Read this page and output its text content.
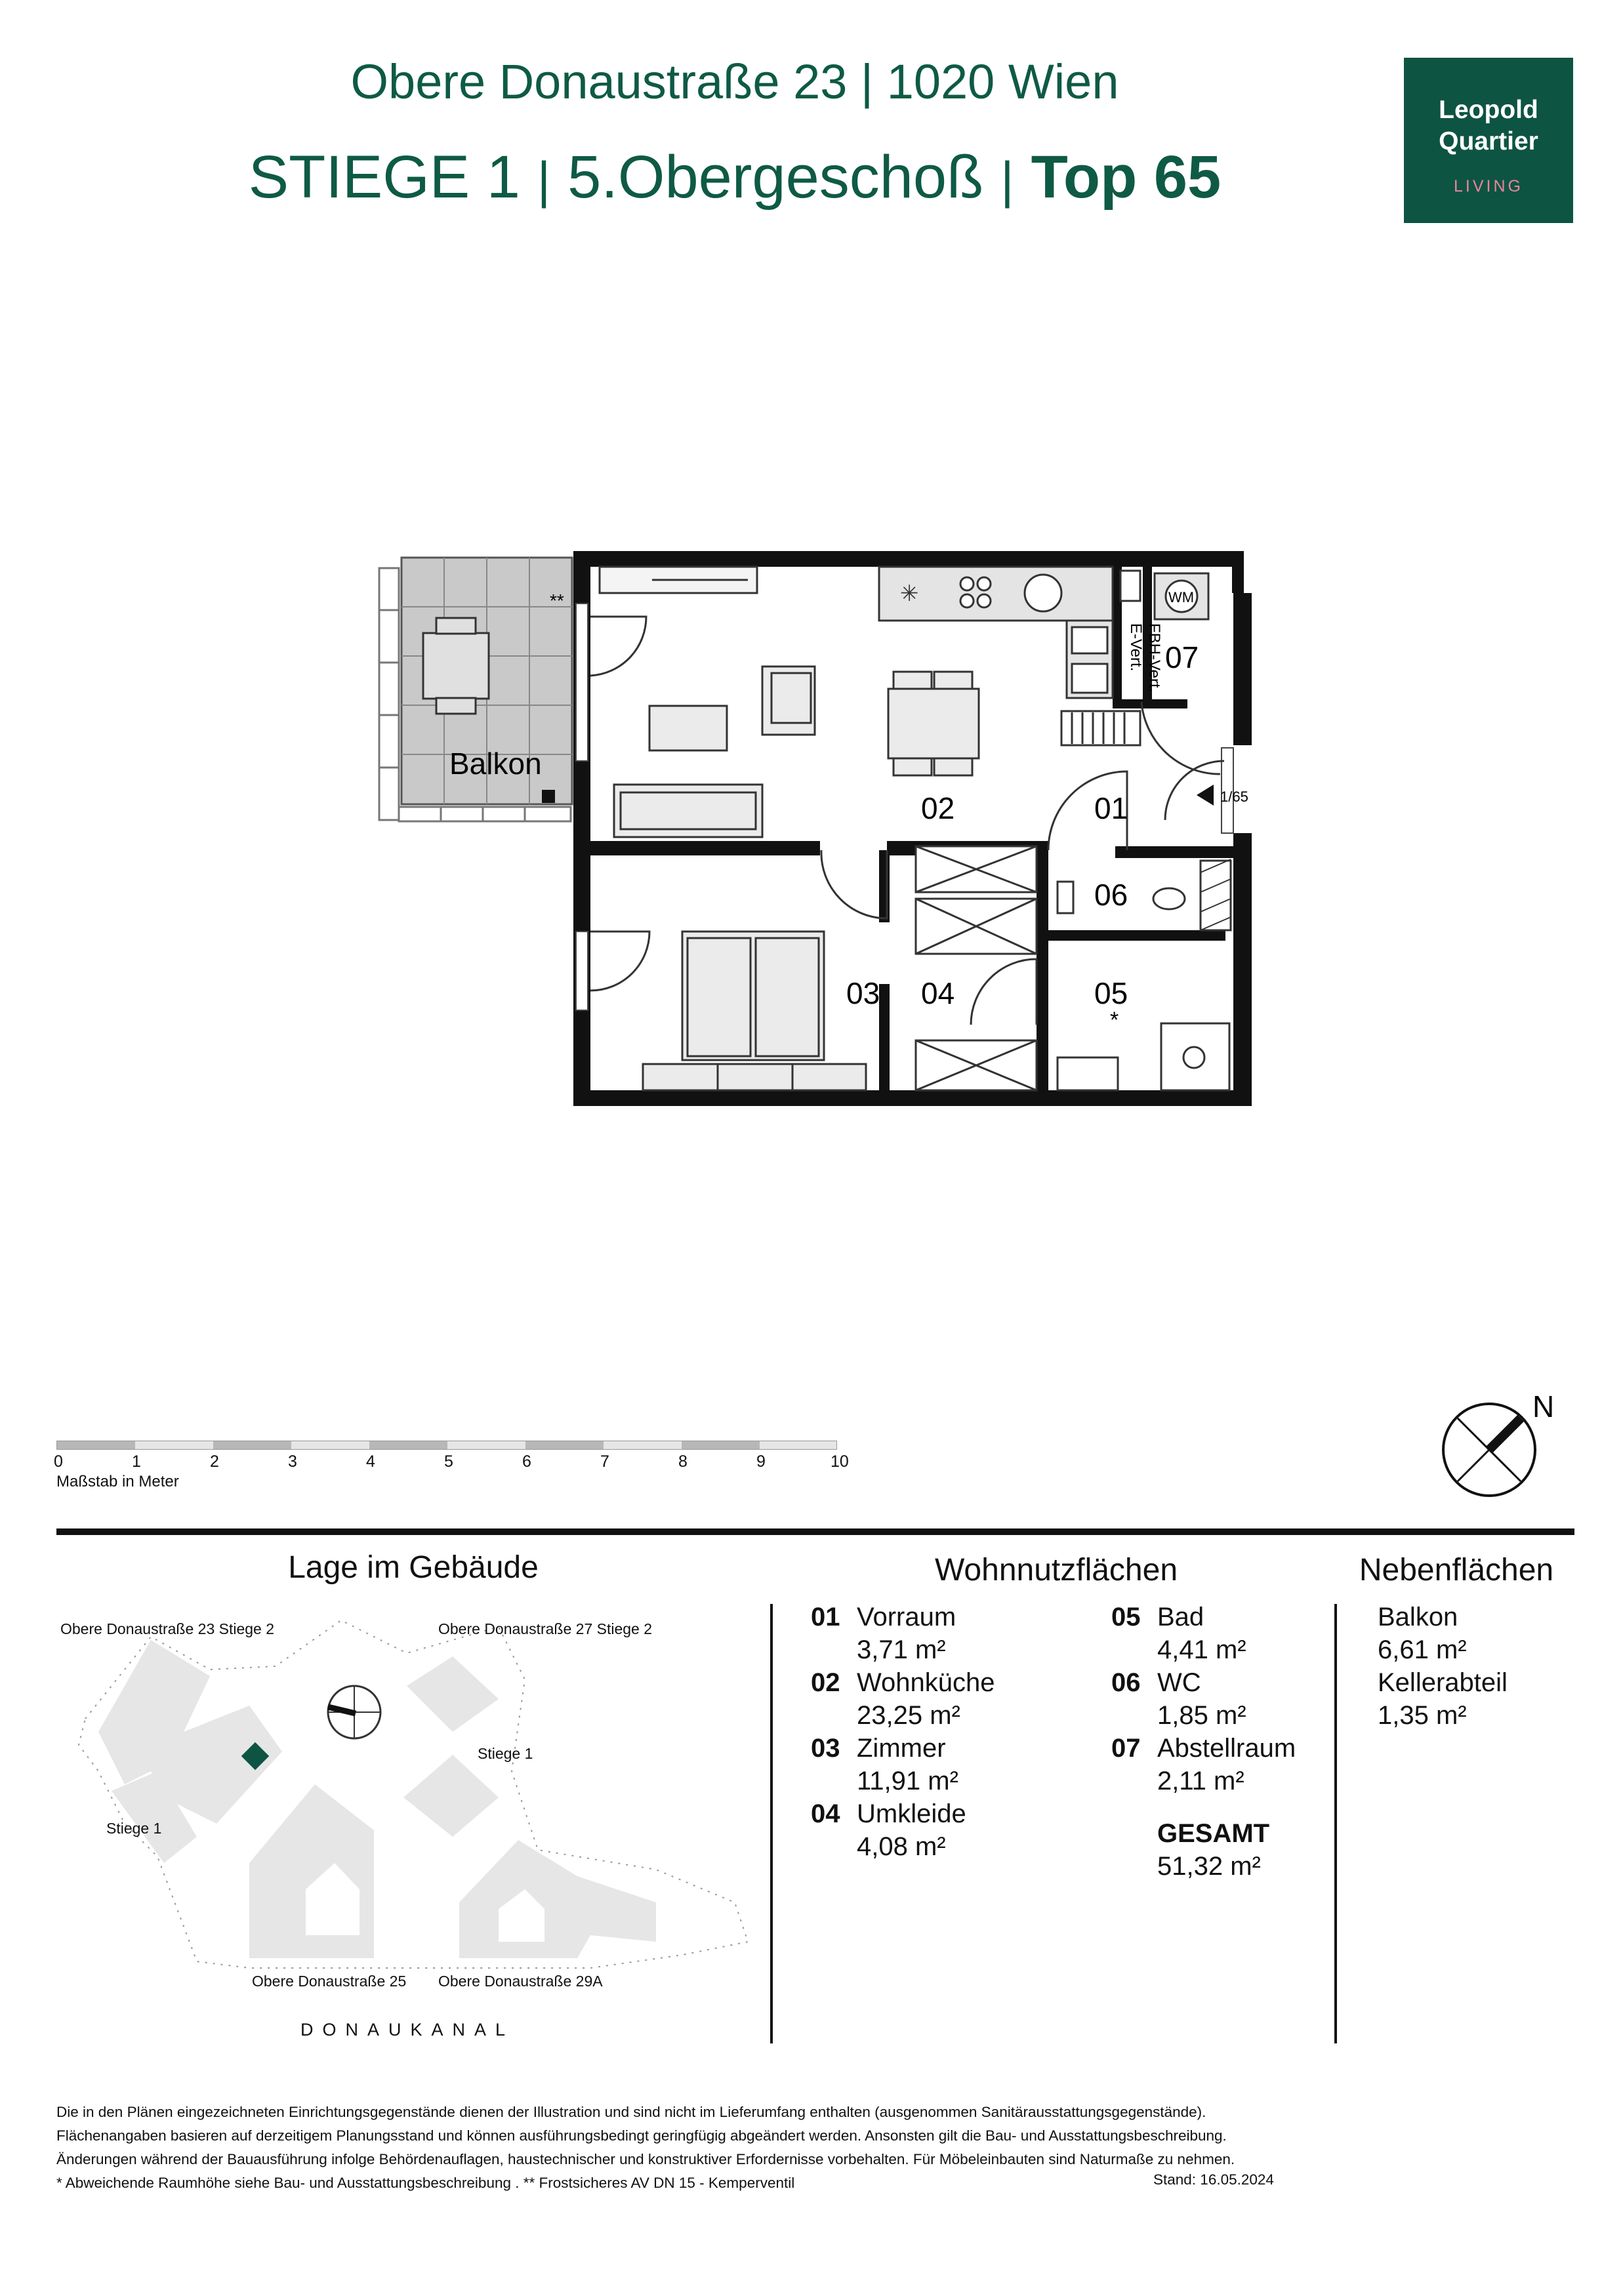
Obere Donaustraße 23 | 1020 Wien
STIEGE 1 | 5.Obergeschoß | Top 65
Leopold
Quartier
LIVING
Balkon
**	✳	WM
FBH-Vert.
E-Vert.
1/65
01
02
03 04	05
06
07
*
0	1	2	3	4	5	6	7	8	9	10
Maßstab in Meter
N
Lage im Gebäude	Wohnnutzflächen	Nebenflächen
Obere Donaustraße 23 Stiege 2	Obere Donaustraße 27 Stiege 2
Stiege 1
Stiege 1
Obere Donaustraße 25 Obere Donaustraße 29A
DONAUKANAL
01 Vorraum
3,71 m²
02 Wohnküche
23,25 m²
03 Zimmer
11,91 m²
04 Umkleide
4,08 m²
05 Bad
4,41 m²
06 WC
1,85 m²
07 Abstellraum
2,11 m²
GESAMT
51,32 m²
Balkon
6,61 m²
Kellerabteil
1,35 m²
Die in den Plänen eingezeichneten Einrichtungsgegenstände dienen der Illustration und sind nicht im Lieferumfang enthalten (ausgenommen Sanitärausstattungsgegenstände).
Flächenangaben basieren auf derzeitigem Planungsstand und können ausführungsbedingt geringfügig abgeändert werden. Ansonsten gilt die Bau- und Ausstattungsbeschreibung.
Änderungen während der Bauausführung infolge Behördenauflagen, haustechnischer und konstruktiver Erfordernisse vorbehalten. Für Möbeleinbauten sind Naturmaße zu nehmen.
* Abweichende Raumhöhe siehe Bau- und Ausstattungsbeschreibung . ** Frostsicheres AV DN 15 - Kemperventil	Stand: 16.05.2024
